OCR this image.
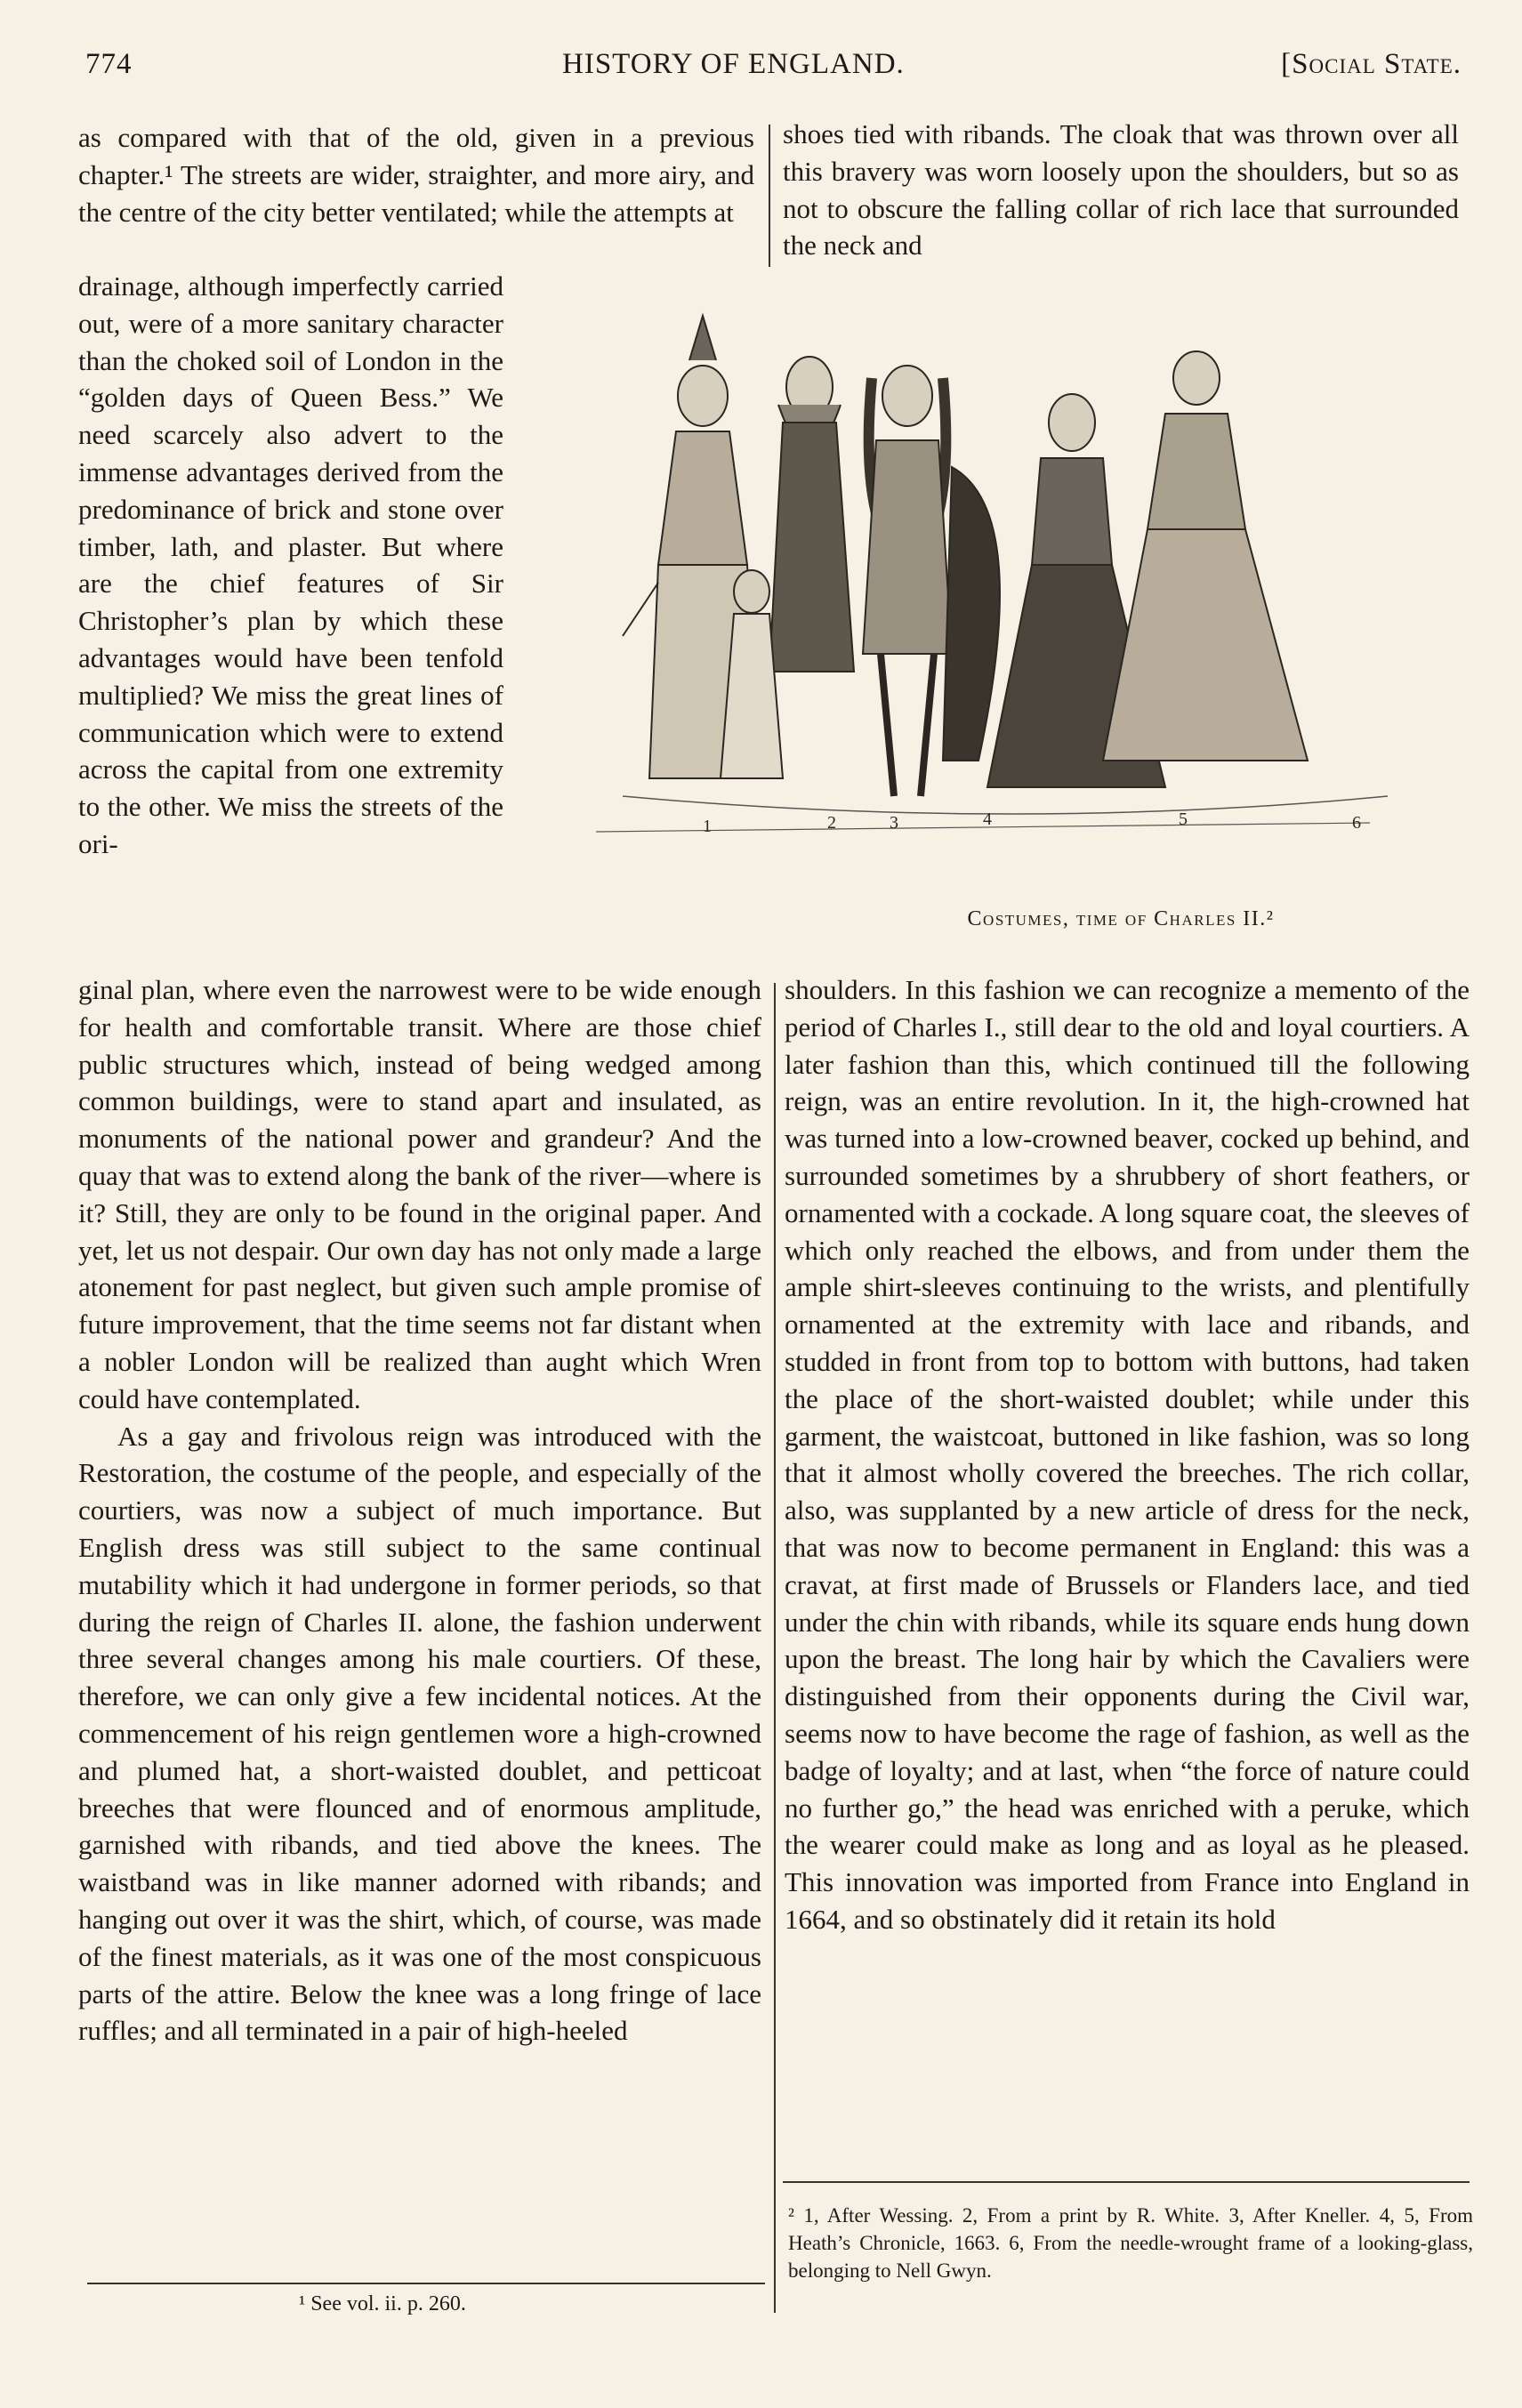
774	HISTORY OF ENGLAND.	[Social State.

as compared with that of the old, given in a previous chapter.¹ The streets are wider, straighter, and more airy, and the centre of the city better ventilated; while the attempts at

drainage, although imperfectly carried out, were of a more sanitary character than the choked soil of London in the “golden days of Queen Bess.” We need scarcely also advert to the immense advantages derived from the predominance of brick and stone over timber, lath, and plaster. But where are the chief features of Sir Christopher’s plan by which these advantages would have been tenfold multiplied? We miss the great lines of communication which were to extend across the capital from one extremity to the other. We miss the streets of the ori-

shoes tied with ribands. The cloak that was thrown over all this bravery was worn loosely upon the shoulders, but so as not to obscure the falling collar of rich lace that surrounded the neck and

1	2	3	4	5	6
Costumes, time of Charles II.²

ginal plan, where even the narrowest were to be wide enough for health and comfortable transit. Where are those chief public structures which, instead of being wedged among common buildings, were to stand apart and insulated, as monuments of the national power and grandeur? And the quay that was to extend along the bank of the river—where is it? Still, they are only to be found in the original paper. And yet, let us not despair. Our own day has not only made a large atonement for past neglect, but given such ample promise of future improvement, that the time seems not far distant when a nobler London will be realized than aught which Wren could have contemplated.

As a gay and frivolous reign was introduced with the Restoration, the costume of the people, and especially of the courtiers, was now a subject of much importance. But English dress was still subject to the same continual mutability which it had undergone in former periods, so that during the reign of Charles II. alone, the fashion underwent three several changes among his male courtiers. Of these, therefore, we can only give a few incidental notices. At the commencement of his reign gentlemen wore a high-crowned and plumed hat, a short-waisted doublet, and petticoat breeches that were flounced and of enormous amplitude, garnished with ribands, and tied above the knees. The waistband was in like manner adorned with ribands; and hanging out over it was the shirt, which, of course, was made of the finest materials, as it was one of the most conspicuous parts of the attire. Below the knee was a long fringe of lace ruffles; and all terminated in a pair of high-heeled

shoulders. In this fashion we can recognize a memento of the period of Charles I., still dear to the old and loyal courtiers. A later fashion than this, which continued till the following reign, was an entire revolution. In it, the high-crowned hat was turned into a low-crowned beaver, cocked up behind, and surrounded sometimes by a shrubbery of short feathers, or ornamented with a cockade. A long square coat, the sleeves of which only reached the elbows, and from under them the ample shirt-sleeves continuing to the wrists, and plentifully ornamented at the extremity with lace and ribands, and studded in front from top to bottom with buttons, had taken the place of the short-waisted doublet; while under this garment, the waistcoat, buttoned in like fashion, was so long that it almost wholly covered the breeches. The rich collar, also, was supplanted by a new article of dress for the neck, that was now to become permanent in England: this was a cravat, at first made of Brussels or Flanders lace, and tied under the chin with ribands, while its square ends hung down upon the breast. The long hair by which the Cavaliers were distinguished from their opponents during the Civil war, seems now to have become the rage of fashion, as well as the badge of loyalty; and at last, when “the force of nature could no further go,” the head was enriched with a peruke, which the wearer could make as long and as loyal as he pleased. This innovation was imported from France into England in 1664, and so obstinately did it retain its hold

¹ See vol. ii. p. 260.
² 1, After Wessing. 2, From a print by R. White. 3, After Kneller. 4, 5, From Heath’s Chronicle, 1663. 6, From the needle-wrought frame of a looking-glass, belonging to Nell Gwyn.
